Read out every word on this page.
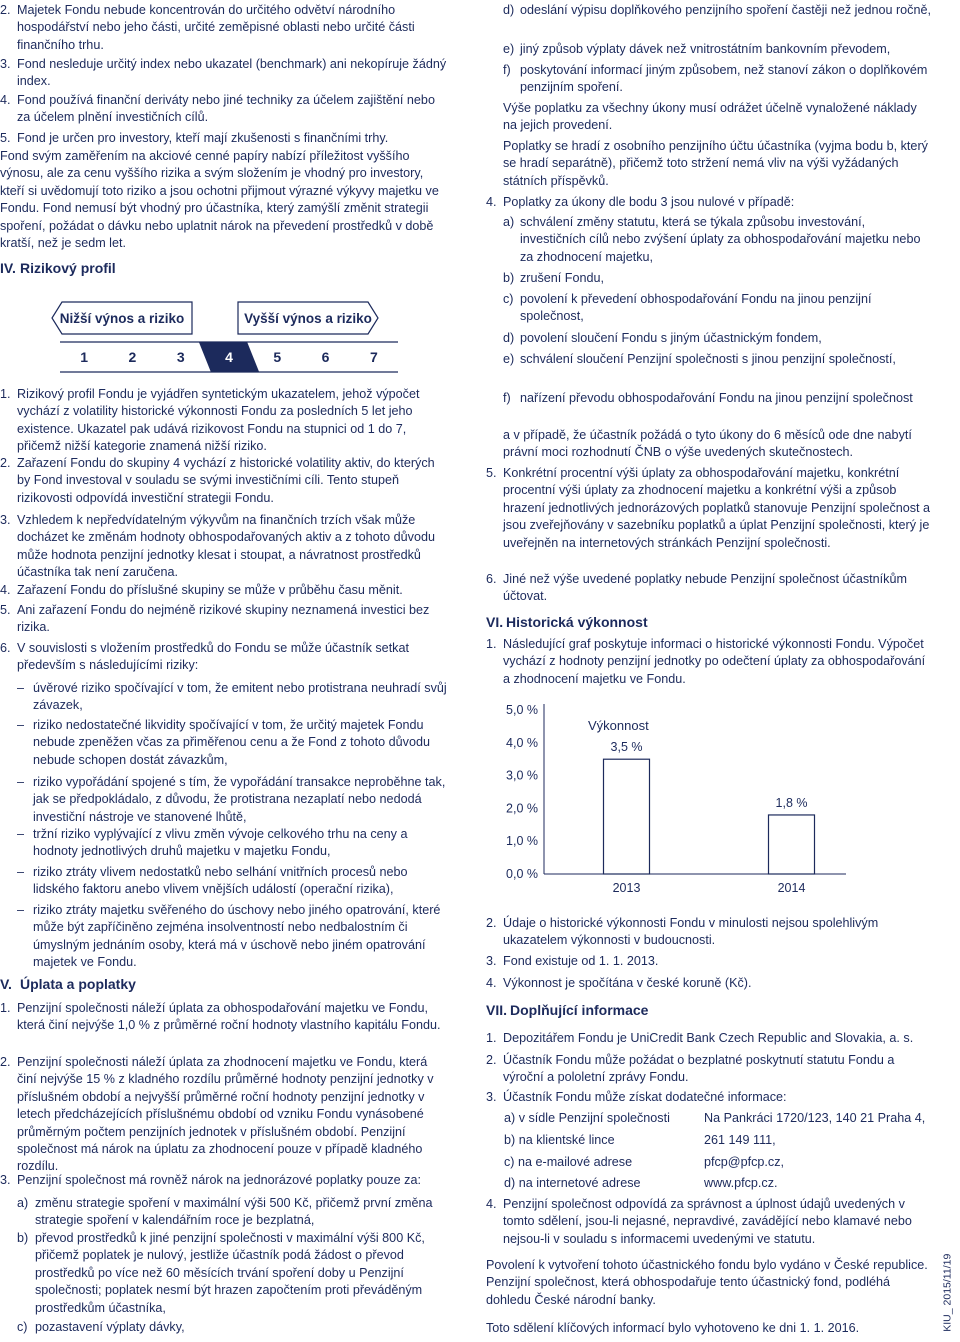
2. Majetek Fondu nebude koncentrován do určitého odvětví národního hospodářství nebo jeho části, určité zeměpisné oblasti nebo určité části finančního trhu.

3. Fond nesleduje určitý index nebo ukazatel (benchmark) ani nekopíruje žádný index.

4. Fond používá finanční deriváty nebo jiné techniky za účelem zajištění nebo za účelem plnění investičních cílů.

5. Fond je určen pro investory, kteří mají zkušenosti s finančními trhy.

Fond svým zaměřením na akciové cenné papíry nabízí příležitost vyššího výnosu, ale za cenu vyššího rizika a svým složením je vhodný pro investory, kteří si uvědomují toto riziko a jsou ochotni přijmout výrazné výkyvy majetku ve Fondu. Fond nemusí být vhodný pro účastníka, který zamýšlí změnit strategii spoření, požádat o dávku nebo uplatnit nárok na převedení prostředků v době kratší, než je sedm let.

IV. Rizikový profil
Nižší výnos a riziko	Vyšší výnos a riziko
1	2	3	4	5	6	7
1. Rizikový profil Fondu je vyjádřen syntetickým ukazatelem, jehož výpočet vychází z volatility historické výkonnosti Fondu za posledních 5 let jeho existence. Ukazatel pak udává rizikovost Fondu na stupnici od 1 do 7, přičemž nižší kategorie znamená nižší riziko.

2. Zařazení Fondu do skupiny 4 vychází z historické volatility aktiv, do kterých by Fond investoval v souladu se svými investičními cíli. Tento stupeň rizikovosti odpovídá investiční strategii Fondu.

3. Vzhledem k nepředvídatelným výkyvům na finančních trzích však může docházet ke změnám hodnoty obhospodařovaných aktiv a z tohoto důvodu může hodnota penzijní jednotky klesat i stoupat, a návratnost prostředků účastníka tak není zaručena.

4. Zařazení Fondu do příslušné skupiny se může v průběhu času měnit.

5. Ani zařazení Fondu do nejméně rizikové skupiny neznamená investici bez rizika.

6. V souvislosti s vložením prostředků do Fondu se může účastník setkat především s následujícími riziky:

– úvěrové riziko spočívající v tom, že emitent nebo protistrana neuhradí svůj závazek,

– riziko nedostatečné likvidity spočívající v tom, že určitý majetek Fondu nebude zpeněžen včas za přiměřenou cenu a že Fond z tohoto důvodu nebude schopen dostát závazkům,

– riziko vypořádání spojené s tím, že vypořádání transakce neproběhne tak, jak se předpokládalo, z důvodu, že protistrana nezaplatí nebo nedodá investiční nástroje ve stanovené lhůtě,

– tržní riziko vyplývající z vlivu změn vývoje celkového trhu na ceny a hodnoty jednotlivých druhů majetku v majetku Fondu,

– riziko ztráty vlivem nedostatků nebo selhání vnitřních procesů nebo lidského faktoru anebo vlivem vnějších událostí (operační rizika),

– riziko ztráty majetku svěřeného do úschovy nebo jiného opatrování, které může být zapříčiněno zejména insolventností nebo nedbalostním či úmyslným jednáním osoby, která má v úschově nebo jiném opatrování majetek ve Fondu.

V. Úplata a poplatky
1. Penzijní společnosti náleží úplata za obhospodařování majetku ve Fondu, která činí nejvýše 1,0 % z průměrné roční hodnoty vlastního kapitálu Fondu.

2. Penzijní společnosti náleží úplata za zhodnocení majetku ve Fondu, která činí nejvýše 15 % z kladného rozdílu průměrné hodnoty penzijní jednotky v příslušném období a nejvyšší průměrné roční hodnoty penzijní jednotky v letech předcházejících příslušnému období od vzniku Fondu vynásobené průměrným počtem penzijních jednotek v příslušném období. Penzijní společnost má nárok na úplatu za zhodnocení pouze v případě kladného rozdílu.

3. Penzijní společnost má rovněž nárok na jednorázové poplatky pouze za:

a) změnu strategie spoření v maximální výši 500 Kč, přičemž první změna strategie spoření v kalendářním roce je bezplatná,

b) převod prostředků k jiné penzijní společnosti v maximální výši 800 Kč, přičemž poplatek je nulový, jestliže účastník podá žádost o převod prostředků po více než 60 měsících trvání spoření doby u Penzijní společnosti; poplatek nesmí být hrazen započtením proti převáděným prostředkům účastníka,

c) pozastavení výplaty dávky,

d) odeslání výpisu doplňkového penzijního spoření častěji než jednou ročně,

e) jiný způsob výplaty dávek než vnitrostátním bankovním převodem,

f) poskytování informací jiným způsobem, než stanoví zákon o doplňkovém penzijním spoření.

Výše poplatku za všechny úkony musí odrážet účelně vynaložené náklady na jejich provedení.

Poplatky se hradí z osobního penzijního účtu účastníka (vyjma bodu b, který se hradí separátně), přičemž toto stržení nemá vliv na výši vyžádaných státních příspěvků.

4. Poplatky za úkony dle bodu 3 jsou nulové v případě:

a) schválení změny statutu, která se týkala způsobu investování, investičních cílů nebo zvýšení úplaty za obhospodařování majetku nebo za zhodnocení majetku,

b) zrušení Fondu,

c) povolení k převedení obhospodařování Fondu na jinou penzijní společnost,

d) povolení sloučení Fondu s jiným účastnickým fondem,

e) schválení sloučení Penzijní společnosti s jinou penzijní společností,

f) nařízení převodu obhospodařování Fondu na jinou penzijní společnost

a v případě, že účastník požádá o tyto úkony do 6 měsíců ode dne nabytí právní moci rozhodnutí ČNB o výše uvedených skutečnostech.

5. Konkrétní procentní výši úplaty za obhospodařování majetku, konkrétní procentní výši úplaty za zhodnocení majetku a konkrétní výši a způsob hrazení jednotlivých jednorázových poplatků stanovuje Penzijní společnost a jsou zveřejňovány v sazebníku poplatků a úplat Penzijní společnosti, který je uveřejněn na internetových stránkách Penzijní společnosti.

6. Jiné než výše uvedené poplatky nebude Penzijní společnost účastníkům účtovat.

VI. Historická výkonnost
1. Následující graf poskytuje informaci o historické výkonnosti Fondu. Výpočet vychází z hodnoty penzijní jednotky po odečtení úplaty za obhospodařování a zhodnocení majetku ve Fondu.

2. Údaje o historické výkonnosti Fondu v minulosti nejsou spolehlivým ukazatelem výkonnosti v budoucnosti.

3. Fond existuje od 1. 1. 2013.

4. Výkonnost je spočítána v české koruně (Kč).

VII. Doplňující informace
1. Depozitářem Fondu je UniCredit Bank Czech Republic and Slovakia, a. s.

2. Účastník Fondu může požádat o bezplatné poskytnutí statutu Fondu a výroční a pololetní zprávy Fondu.

3. Účastník Fondu může získat dodatečné informace:

a) v sídle Penzijní společnosti	Na Pankráci 1720/123, 140 21 Praha 4,
b) na klientské lince	261 149 111,
c) na e-mailové adrese	pfcp@pfcp.cz,
d) na internetové adrese	www.pfcp.cz.
4. Penzijní společnost odpovídá za správnost a úplnost údajů uvedených v tomto sdělení, jsou-li nejasné, nepravdivé, zavádějící nebo klamavé nebo nejsou-li v souladu s informacemi uvedenými ve statutu.

Povolení k vytvoření tohoto účastnického fondu bylo vydáno v České republice. Penzijní společnost, která obhospodařuje tento účastnický fond, podléhá dohledu České národní banky.

Toto sdělení klíčových informací bylo vyhotoveno ke dni 1. 1. 2016.

0,0 %
1,0 %
2,0 %
3,0 %
4,0 %
5,0 %
3,5 %
2013
1,8 %
2014
Výkonnost
KIU_ 2015/11/19
